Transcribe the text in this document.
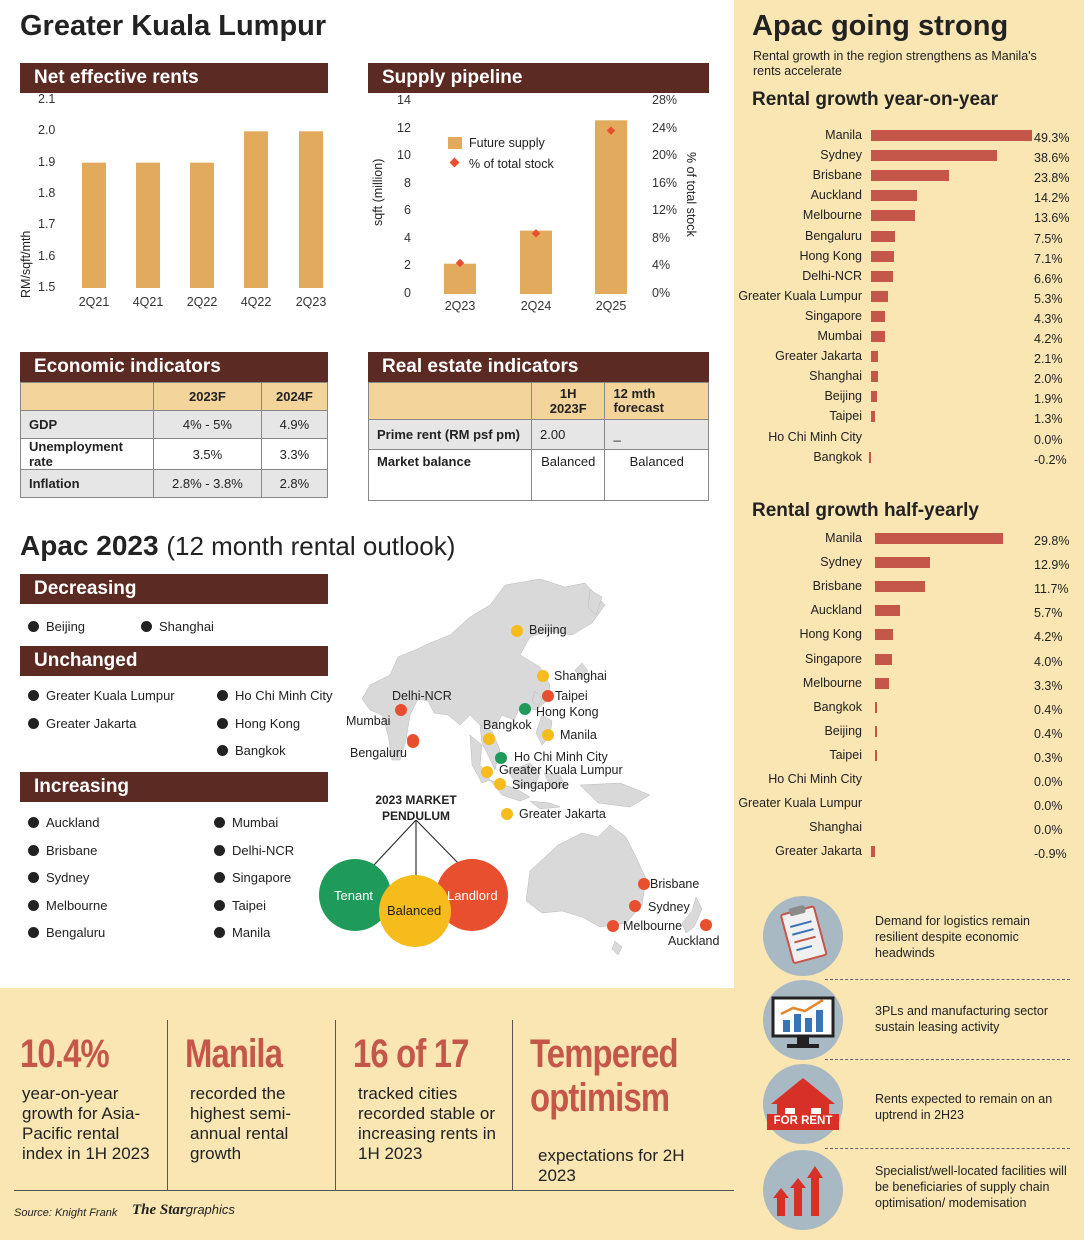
Greater Kuala Lumpur
Net effective rents
RM/sqft/mth
2.1
2.0
1.9
1.8
1.7
1.6
1.5
2Q21 4Q21 2Q22 4Q22 2Q23
Supply pipeline
sqft (million)	% of total stock
14
12
10
8
6
4
2
0
28%
24%
20%
16%
12%
8%
4%
0%
2Q23	2Q24	2Q25
Future supply
% of total stock
Economic indicators
	2023F	2024F
GDP	4% - 5%	4.9%
Unemployment rate	3.5%	3.3%
Inflation	2.8% - 3.8%	2.8%
Real estate indicators
	1H 2023F	12 mth forecast
Prime rent (RM psf pm)	2.00	_
Market balance	Balanced	Balanced
Apac 2023 (12 month rental outlook)
Decreasing
Beijing	Shanghai
Unchanged
Greater Kuala Lumpur
Greater Jakarta
Ho Chi Minh City
Hong Kong
Bangkok
Increasing
Auckland
Brisbane
Sydney
Melbourne
Bengaluru
Mumbai
Delhi-NCR
Singapore
Taipei
Manila
Beijing
Shanghai
Taipei
Hong Kong
Manila
Bangkok
Ho Chi Minh City
Greater Kuala Lumpur
Singapore
Greater Jakarta
Delhi-NCR
Mumbai
Bengaluru
Brisbane
Sydney
Melbourne
Auckland
2023 MARKET PENDULUM
Tenant
Balanced
Landlord
10.4%
year-on-year growth for Asia-Pacific rental index in 1H 2023
Manila
recorded the highest semi-annual rental growth
16 of 17
tracked cities recorded stable or increasing rents in 1H 2023
Tempered optimism
expectations for 2H 2023
Source: Knight Frank The Stargraphics
Apac going strong
Rental growth in the region strengthens as Manila's rents accelerate
Rental growth year-on-year
Manila	49.3%
Sydney	38.6%
Brisbane	23.8%
Auckland	14.2%
Melbourne	13.6%
Bengaluru	7.5%
Hong Kong	7.1%
Delhi-NCR	6.6%
Greater Kuala Lumpur	5.3%
Singapore	4.3%
Mumbai	4.2%
Greater Jakarta	2.1%
Shanghai	2.0%
Beijing	1.9%
Taipei	1.3%
Ho Chi Minh City	0.0%
Bangkok	-0.2%
Rental growth half-yearly
Manila	29.8%
Sydney	12.9%
Brisbane	11.7%
Auckland	5.7%
Hong Kong	4.2%
Singapore	4.0%
Melbourne	3.3%
Bangkok	0.4%
Beijing	0.4%
Taipei	0.3%
Ho Chi Minh City	0.0%
Greater Kuala Lumpur	0.0%
Shanghai	0.0%
Greater Jakarta	-0.9%
Demand for logistics remain resilient despite economic headwinds
3PLs and manufacturing sector sustain leasing activity
FOR RENT
Rents expected to remain on an uptrend in 2H23
Specialist/well-located facilities will be beneficiaries of supply chain optimisation/ modemisation
